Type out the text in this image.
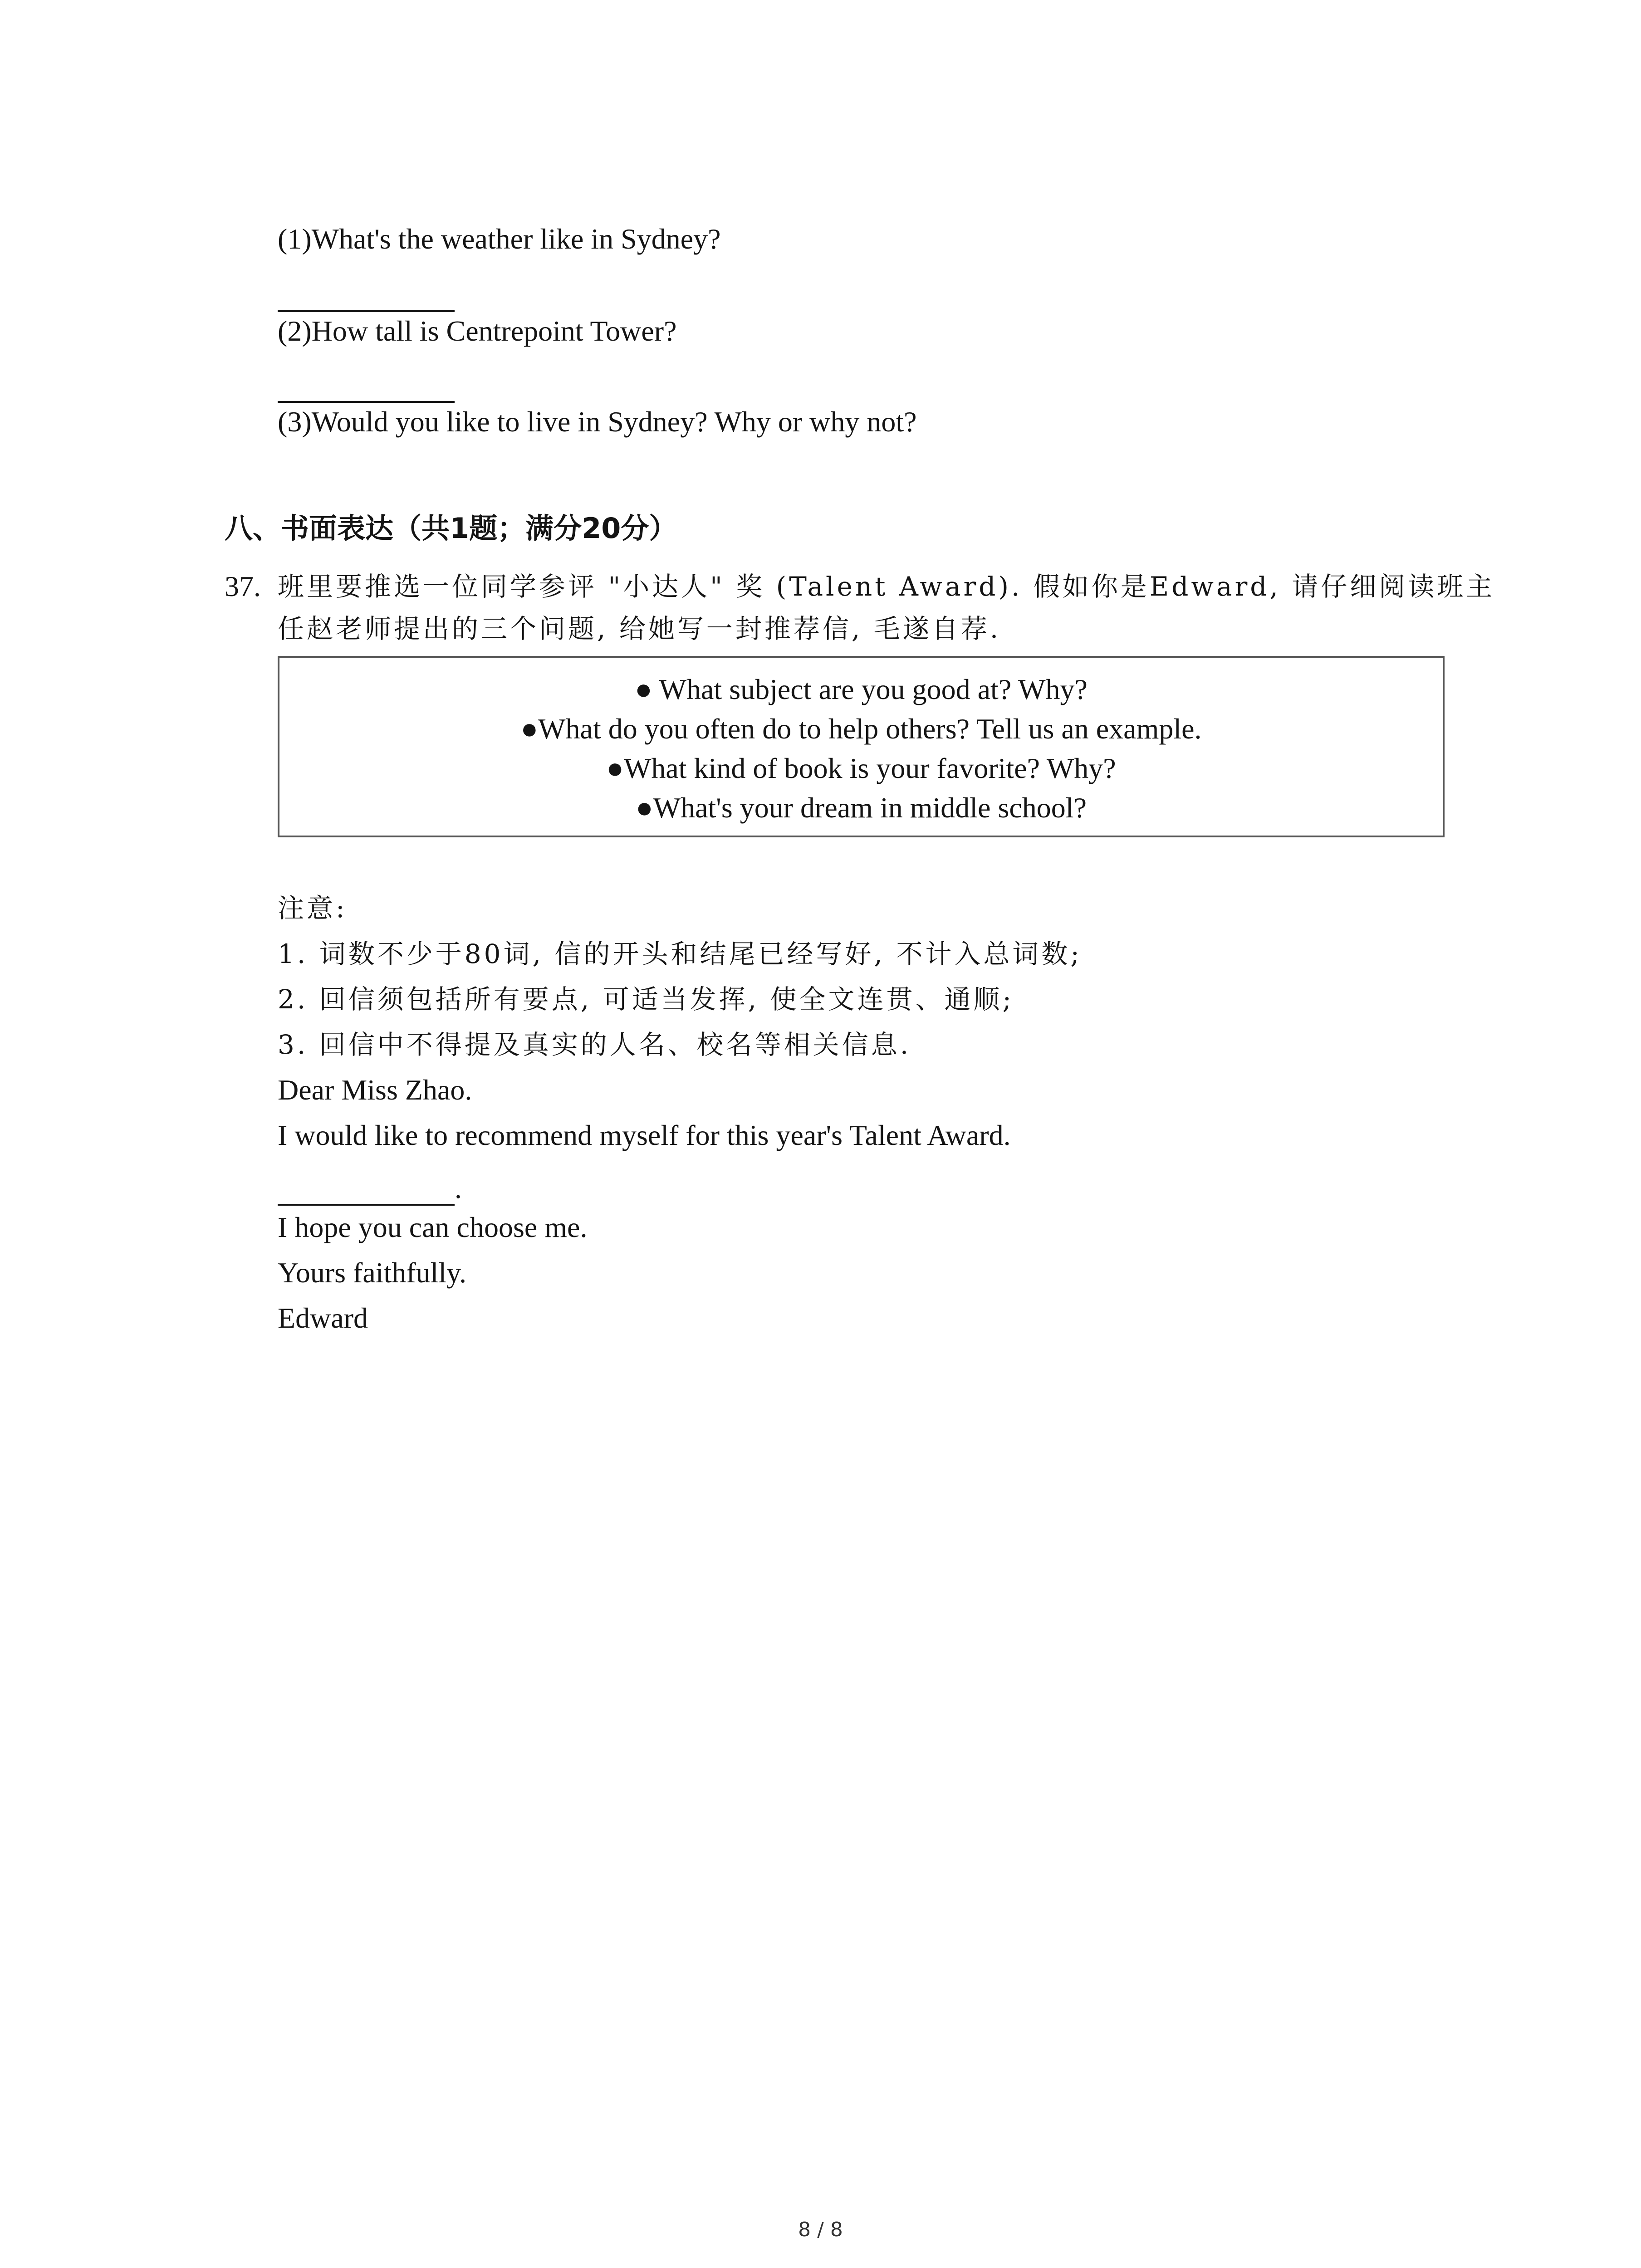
(1)What's the weather like in Sydney?
(2)How tall is Centrepoint Tower?
(3)Would you like to live in Sydney? Why or why not?
八、书面表达（共1题；满分20分）
37. 班里要推选一位同学参评 "小达人" 奖 (Talent Award). 假如你是Edward, 请仔细阅读班主
任赵老师提出的三个问题, 给她写一封推荐信, 毛遂自荐.
● What subject are you good at? Why?
●What do you often do to help others? Tell us an example.
●What kind of book is your favorite? Why?
●What's your dream in middle school?
注意:
1. 词数不少于80词, 信的开头和结尾已经写好, 不计入总词数;
2. 回信须包括所有要点, 可适当发挥, 使全文连贯、通顺;
3. 回信中不得提及真实的人名、校名等相关信息.
Dear Miss Zhao.
I would like to recommend myself for this year's Talent Award.
.
I hope you can choose me.
Yours faithfully.
Edward
8 / 8
